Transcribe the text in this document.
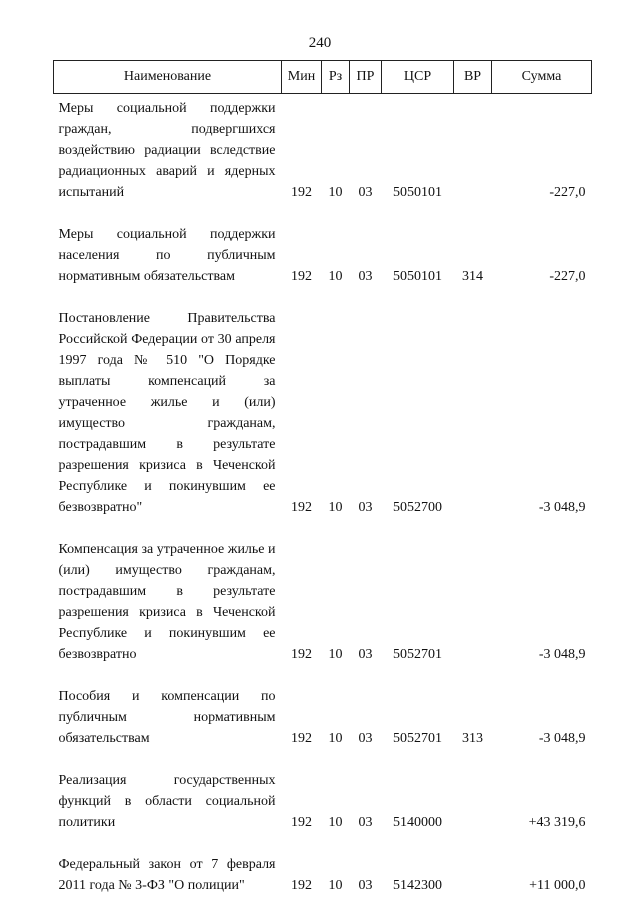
240
Наименование	Мин	Рз	ПР	ЦСР	ВР	Сумма
Меры социальной поддержки граждан, подвергшихся воздействию радиации вследствие радиационных аварий и ядерных испытаний	192	10	03	5050101		-227,0
Меры социальной поддержки населения по публичным нормативным обязательствам	192	10	03	5050101	314	-227,0
Постановление Правительства Российской Федерации от 30 апреля 1997 года № 510 "О Порядке выплаты компенсаций за утраченное жилье и (или) имущество гражданам, пострадавшим в результате разрешения кризиса в Чеченской Республике и покинувшим ее безвозвратно"	192	10	03	5052700		-3 048,9
Компенсация за утраченное жилье и (или) имущество гражданам, пострадавшим в результате разрешения кризиса в Чеченской Республике и покинувшим ее безвозвратно	192	10	03	5052701		-3 048,9
Пособия и компенсации по публичным нормативным обязательствам	192	10	03	5052701	313	-3 048,9
Реализация государственных функций в области социальной политики	192	10	03	5140000		+43 319,6
Федеральный закон от 7 февраля 2011 года № 3-ФЗ "О полиции"	192	10	03	5142300		+11 000,0
